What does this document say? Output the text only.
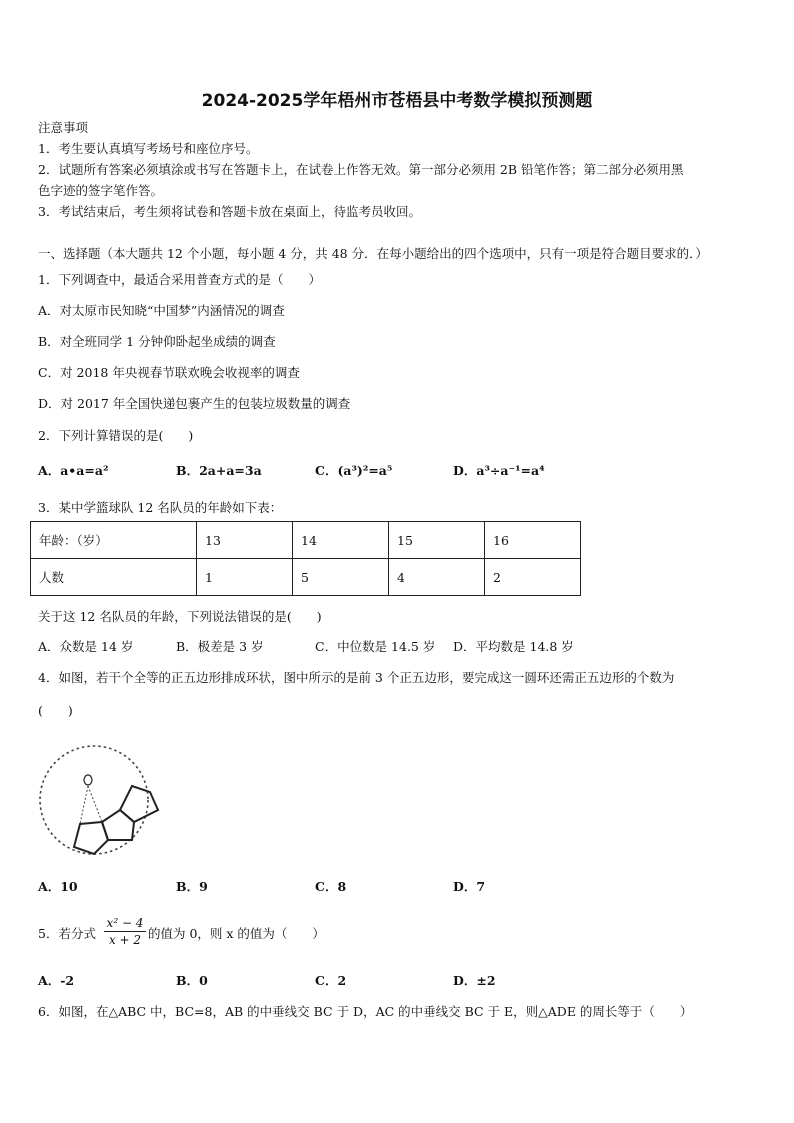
2024-2025学年梧州市苍梧县中考数学模拟预测题
注意事项
1．考生要认真填写考场号和座位序号。
2．试题所有答案必须填涂或书写在答题卡上，在试卷上作答无效。第一部分必须用 2B 铅笔作答；第二部分必须用黑
色字迹的签字笔作答。
3．考试结束后，考生须将试卷和答题卡放在桌面上，待监考员收回。
一、选择题（本大题共 12 个小题，每小题 4 分，共 48 分．在每小题给出的四个选项中，只有一项是符合题目要求的．）
1．下列调查中，最适合采用普查方式的是（　　）
A．对太原市民知晓“中国梦”内涵情况的调查
B．对全班同学 1 分钟仰卧起坐成绩的调查
C．对 2018 年央视春节联欢晚会收视率的调查
D．对 2017 年全国快递包裹产生的包装垃圾数量的调查
2．下列计算错误的是(　　)
A．a•a=a²	B．2a+a=3a	C．(a³)²=a⁵	D．a³÷a⁻¹=a⁴
3．某中学篮球队 12 名队员的年龄如下表：
年龄：（岁）	13	14	15	16
人数	1	5	4	2
关于这 12 名队员的年龄，下列说法错误的是(　　)
A．众数是 14 岁	B．极差是 3 岁	C．中位数是 14.5 岁 D．平均数是 14.8 岁
4．如图，若干个全等的正五边形排成环状，图中所示的是前 3 个正五边形，要完成这一圆环还需正五边形的个数为
(　　)
A．10	B．9	C．8	D．7
5．若分式 $\frac{\text{x² − 4}}{x + 2}$ 的值为 0，则 x 的值为（　　）
A．-2	B．0	C．2	D．±2
6．如图，在△ABC 中，BC=8，AB 的中垂线交 BC 于 D，AC 的中垂线交 BC 于 E，则△ADE 的周长等于（　　）
